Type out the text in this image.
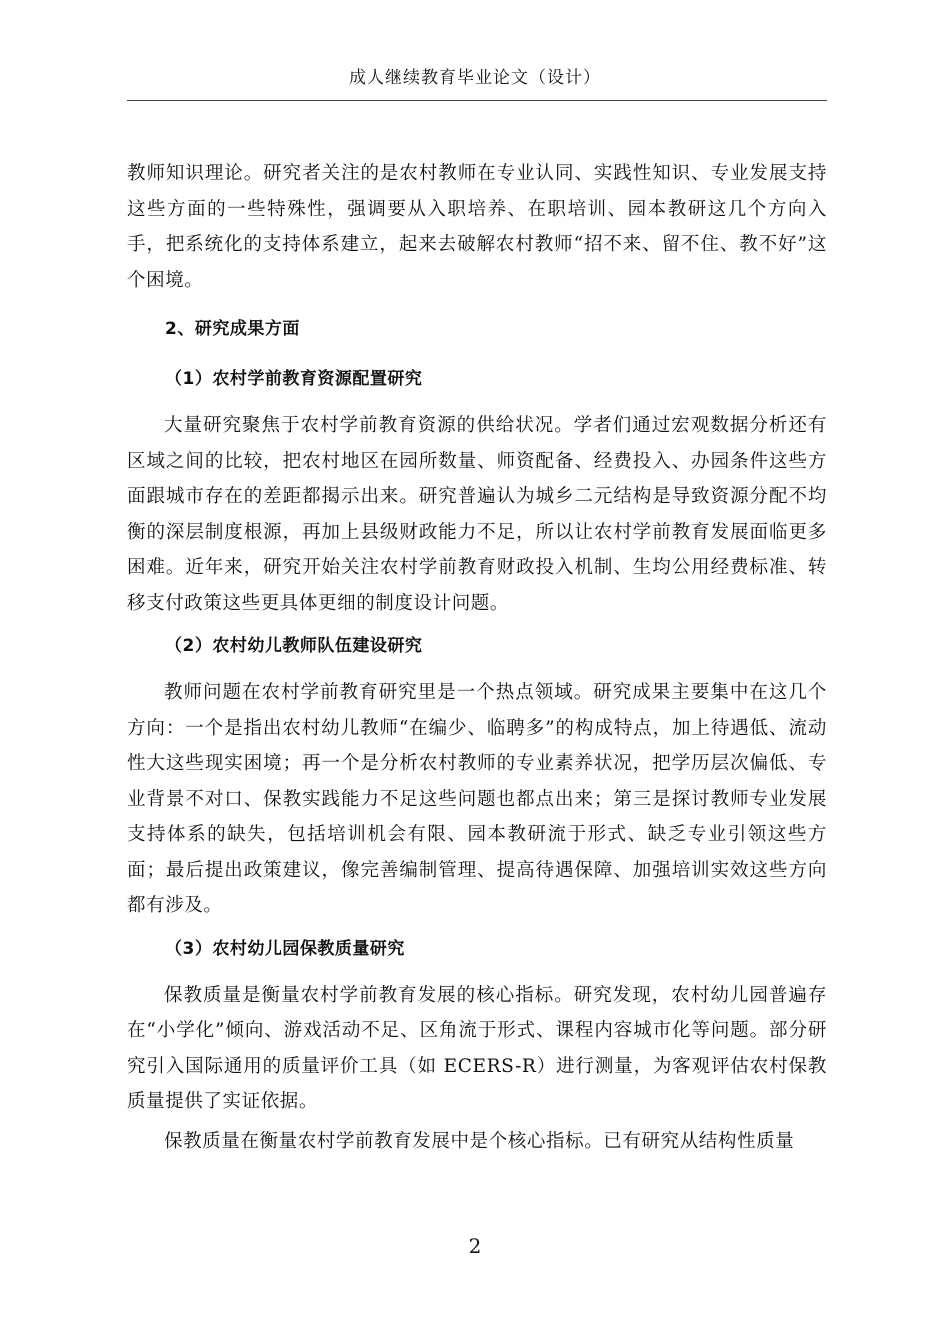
成人继续教育毕业论文（设计）

教师知识理论。研究者关注的是农村教师在专业认同、实践性知识、专业发展支持这些方面的一些特殊性，强调要从入职培养、在职培训、园本教研这几个方向入手，把系统化的支持体系建立，起来去破解农村教师“招不来、留不住、教不好”这个困境。

2、研究成果方面
（1）农村学前教育资源配置研究

大量研究聚焦于农村学前教育资源的供给状况。学者们通过宏观数据分析还有区域之间的比较，把农村地区在园所数量、师资配备、经费投入、办园条件这些方面跟城市存在的差距都揭示出来。研究普遍认为城乡二元结构是导致资源分配不均衡的深层制度根源，再加上县级财政能力不足，所以让农村学前教育发展面临更多困难。近年来，研究开始关注农村学前教育财政投入机制、生均公用经费标准、转移支付政策这些更具体更细的制度设计问题。

（2）农村幼儿教师队伍建设研究

教师问题在农村学前教育研究里是一个热点领域。研究成果主要集中在这几个方向：一个是指出农村幼儿教师“在编少、临聘多”的构成特点，加上待遇低、流动性大这些现实困境；再一个是分析农村教师的专业素养状况，把学历层次偏低、专业背景不对口、保教实践能力不足这些问题也都点出来；第三是探讨教师专业发展支持体系的缺失，包括培训机会有限、园本教研流于形式、缺乏专业引领这些方面；最后提出政策建议，像完善编制管理、提高待遇保障、加强培训实效这些方向都有涉及。

（3）农村幼儿园保教质量研究

保教质量是衡量农村学前教育发展的核心指标。研究发现，农村幼儿园普遍存在“小学化”倾向、游戏活动不足、区角流于形式、课程内容城市化等问题。部分研究引入国际通用的质量评价工具（如 ECERS-R）进行测量，为客观评估农村保教质量提供了实证依据。

保教质量在衡量农村学前教育发展中是个核心指标。已有研究从结构性质量

2
